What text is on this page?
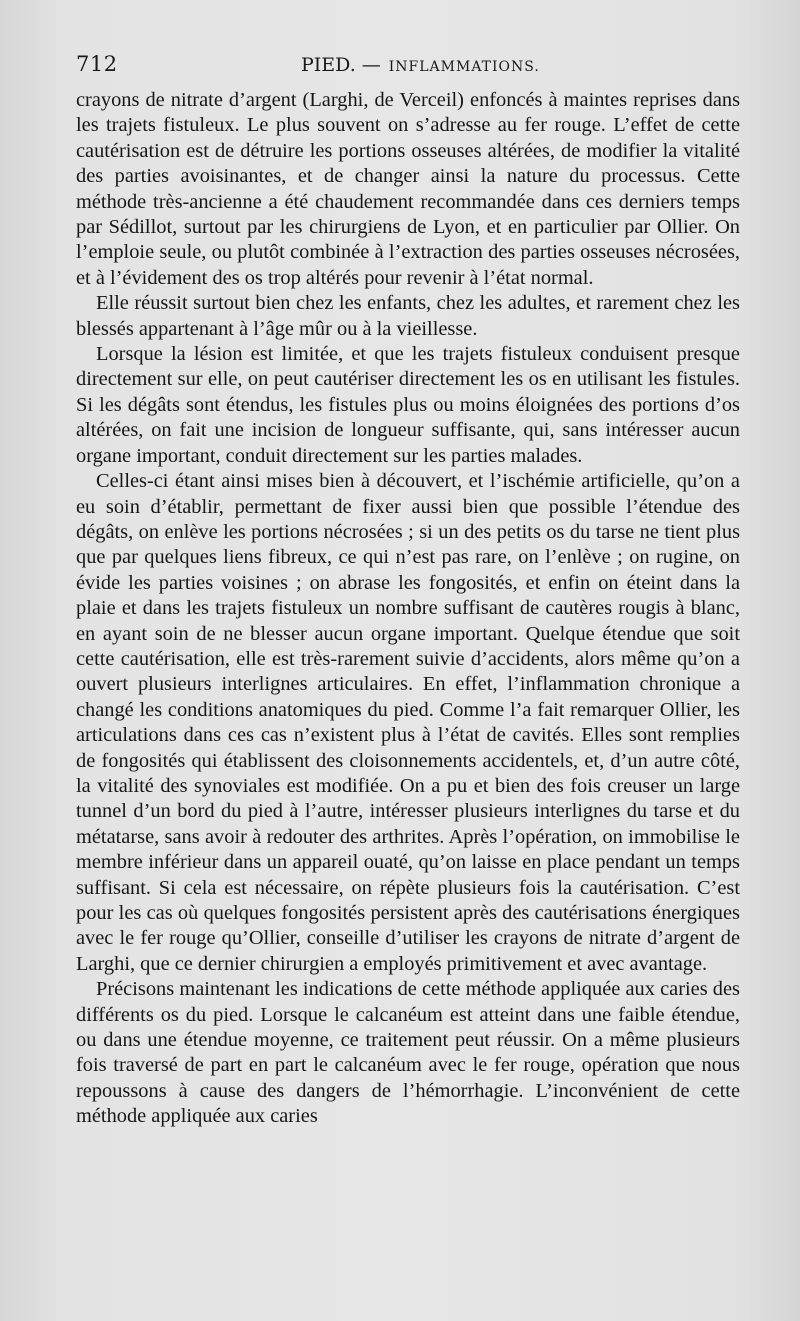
712	PIED. — INFLAMMATIONS.

crayons de nitrate d’argent (Larghi, de Verceil) enfoncés à maintes reprises dans les trajets fistuleux. Le plus souvent on s’adresse au fer rouge. L’effet de cette cautérisation est de détruire les portions osseuses altérées, de modifier la vitalité des parties avoisinantes, et de changer ainsi la nature du processus. Cette méthode très-ancienne a été chaudement recommandée dans ces derniers temps par Sédillot, surtout par les chirurgiens de Lyon, et en particulier par Ollier. On l’emploie seule, ou plutôt combinée à l’extraction des parties osseuses nécrosées, et à l’évidement des os trop altérés pour revenir à l’état normal.

Elle réussit surtout bien chez les enfants, chez les adultes, et rarement chez les blessés appartenant à l’âge mûr ou à la vieillesse.

Lorsque la lésion est limitée, et que les trajets fistuleux conduisent presque directement sur elle, on peut cautériser directement les os en utilisant les fistules. Si les dégâts sont étendus, les fistules plus ou moins éloignées des portions d’os altérées, on fait une incision de longueur suffisante, qui, sans intéresser aucun organe important, conduit directement sur les parties malades.

Celles-ci étant ainsi mises bien à découvert, et l’ischémie artificielle, qu’on a eu soin d’établir, permettant de fixer aussi bien que possible l’étendue des dégâts, on enlève les portions nécrosées ; si un des petits os du tarse ne tient plus que par quelques liens fibreux, ce qui n’est pas rare, on l’enlève ; on rugine, on évide les parties voisines ; on abrase les fongosités, et enfin on éteint dans la plaie et dans les trajets fistuleux un nombre suffisant de cautères rougis à blanc, en ayant soin de ne blesser aucun organe important. Quelque étendue que soit cette cautérisation, elle est très-rarement suivie d’accidents, alors même qu’on a ouvert plusieurs interlignes articulaires. En effet, l’inflammation chronique a changé les conditions anatomiques du pied. Comme l’a fait remarquer Ollier, les articulations dans ces cas n’existent plus à l’état de cavités. Elles sont remplies de fongosités qui établissent des cloisonnements accidentels, et, d’un autre côté, la vitalité des synoviales est modifiée. On a pu et bien des fois creuser un large tunnel d’un bord du pied à l’autre, intéresser plusieurs interlignes du tarse et du métatarse, sans avoir à redouter des arthrites. Après l’opération, on immobilise le membre inférieur dans un appareil ouaté, qu’on laisse en place pendant un temps suffisant. Si cela est nécessaire, on répète plusieurs fois la cautérisation. C’est pour les cas où quelques fongosités persistent après des cautérisations énergiques avec le fer rouge qu’Ollier, conseille d’utiliser les crayons de nitrate d’argent de Larghi, que ce dernier chirurgien a employés primitivement et avec avantage.

Précisons maintenant les indications de cette méthode appliquée aux caries des différents os du pied. Lorsque le calcanéum est atteint dans une faible étendue, ou dans une étendue moyenne, ce traitement peut réussir. On a même plusieurs fois traversé de part en part le calcanéum avec le fer rouge, opération que nous repoussons à cause des dangers de l’hémorrhagie. L’inconvénient de cette méthode appliquée aux caries
